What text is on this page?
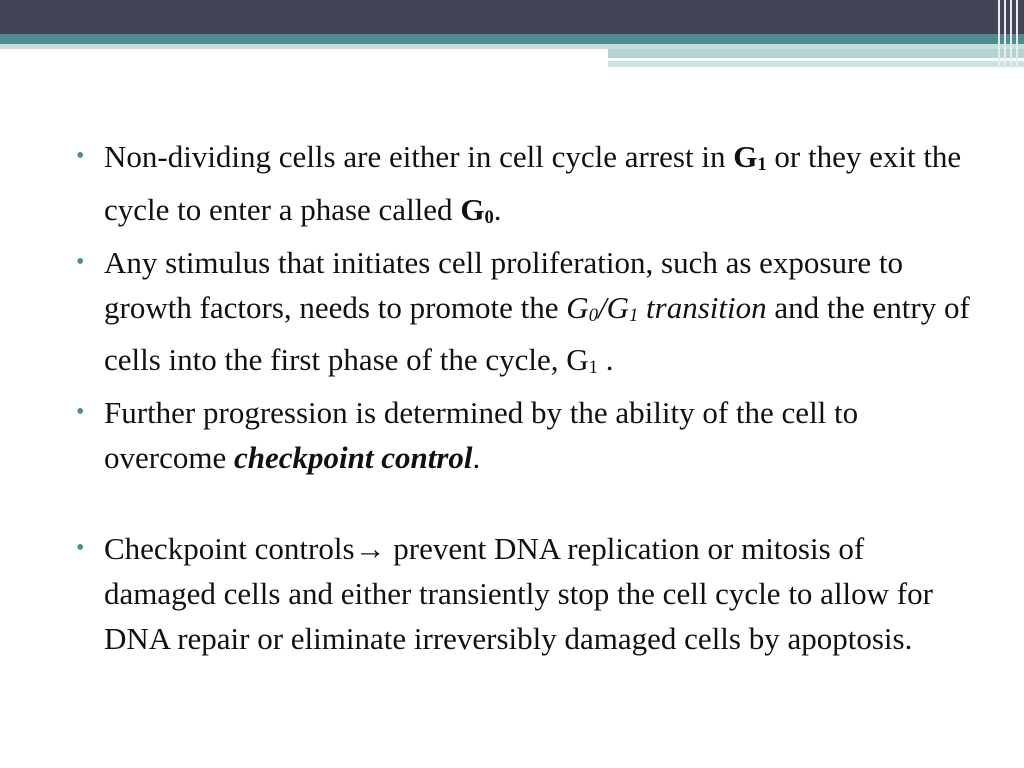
• Non-dividing cells are either in cell cycle arrest in G1 or they exit the cycle to enter a phase called G0.
• Any stimulus that initiates cell proliferation, such as exposure to growth factors, needs to promote the G0/G1 transition and the entry of cells into the first phase of the cycle, G1 .
• Further progression is determined by the ability of the cell to overcome checkpoint control.
• Checkpoint controls→ prevent DNA replication or mitosis of damaged cells and either transiently stop the cell cycle to allow for DNA repair or eliminate irreversibly damaged cells by apoptosis.
